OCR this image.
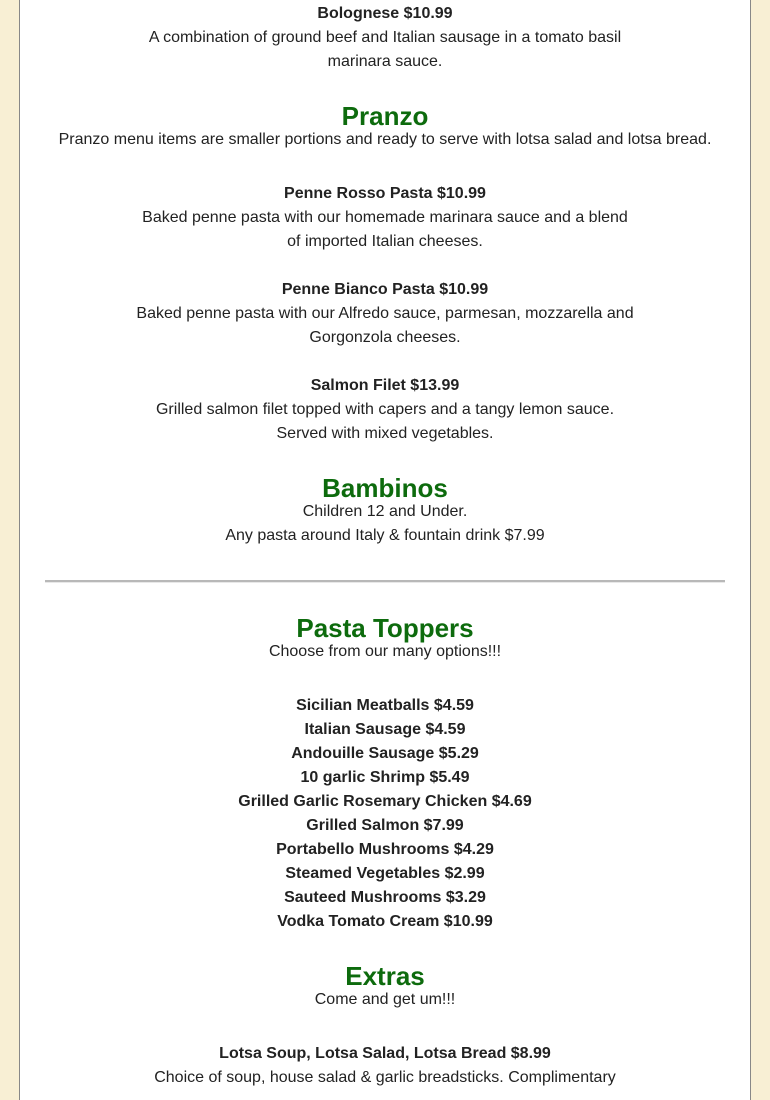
Bolognese $10.99
A combination of ground beef and Italian sausage in a tomato basil
marinara sauce.
Pranzo
Pranzo menu items are smaller portions and ready to serve with lotsa salad and lotsa bread.
Penne Rosso Pasta $10.99
Baked penne pasta with our homemade marinara sauce and a blend
of imported Italian cheeses.
Penne Bianco Pasta $10.99
Baked penne pasta with our Alfredo sauce, parmesan, mozzarella and
Gorgonzola cheeses.
Salmon Filet $13.99
Grilled salmon filet topped with capers and a tangy lemon sauce.
Served with mixed vegetables.
Bambinos
Children 12 and Under.
Any pasta around Italy & fountain drink $7.99
Pasta Toppers
Choose from our many options!!!
Sicilian Meatballs $4.59
Italian Sausage $4.59
Andouille Sausage $5.29
10 garlic Shrimp $5.49
Grilled Garlic Rosemary Chicken $4.69
Grilled Salmon $7.99
Portabello Mushrooms $4.29
Steamed Vegetables $2.99
Sauteed Mushrooms $3.29
Vodka Tomato Cream $10.99
Extras
Come and get um!!!
Lotsa Soup, Lotsa Salad, Lotsa Bread $8.99
Choice of soup, house salad & garlic breadsticks. Complimentary
